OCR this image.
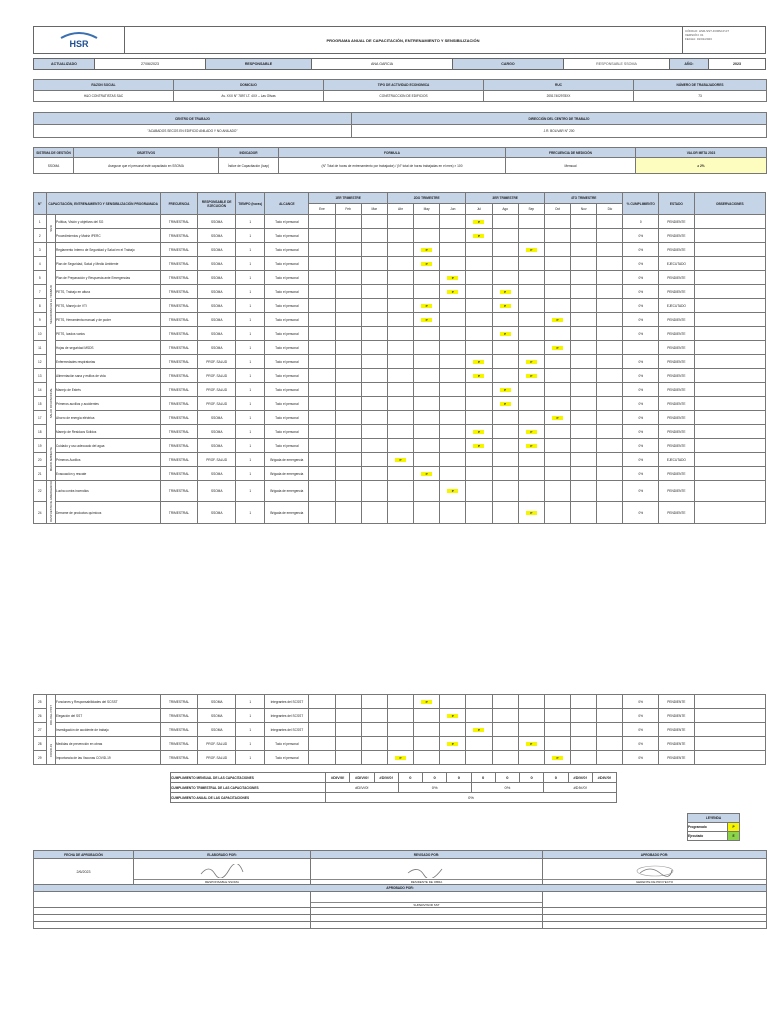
HSR	PROGRAMA ANUAL DE CAPACITACIÓN, ENTRENAMIENTO Y SENSIBILIZACIÓN
CÓDIGO: HSR-SST-FORM-P-07
VERSIÓN: 01
FECHA: 01/01/2023
ACTUALIZADO	27/06/2023	RESPONSABLE	ANA GARCIA	CARGO	RESPONSABLE SSOMA	AÑO:	2023
RAZON SOCIAL	DOMICILIO	TIPO DE ACTIVIDAD ECONOMICA	RUC	NÚMERO DE TRABAJADORES
H&O CONTRATISTAS SAC	Av. XXX N° 7897 LT. 4XX – Las Olivas	CONSTRUCCION DE EDIFICIOS	20517402978XX	73
CENTRO DE TRABAJO	DIRECCIÓN DEL CENTRO DE TRABAJO
"ACABADOS SECOS EN EDIFICIO ANILADO Y NO ANILADO"	J.R. BOLIVAR N° 200
SISTEMA DE GESTIÓN	OBJETIVOS	INDICADOR	FORMULA	FRECUENCIA DE MEDICIÓN	VALOR META 2023
SSOMA	Asegurar que el personal esté capacitado en SSOMA	Índice de Capacitación (Icap)	(N° Total de horas de entrenamiento por trabajador) / (N° total de horas trabajadas en el mes) × 100	Mensual	≥ 2%
N°	CAPACITACIÓN, ENTRENAMIENTO Y SENSIBILIZACIÓN PROGRAMADA		FRECUENCIA	RESPONSABLE DE EJECUCIÓN	TIEMPO (horas)	ALCANCE	1ER TRIMESTRE			2DO TRIMESTRE			3ER TRIMESTRE			4TO TRIMESTRE			% CUMPLIMIENTO	ESTADO	OBSERVACIONES
							Ene	Feb	Mar	Abr	May	Jun	Jul	Ago	Sep	Oct	Nov	Dic			
1	SGSI	Política, Visión y objetivos del SG	TRIMESTRAL	SSOMA	1	Todo el personal							P						0	PENDIENTE	
2		Procedimientos y Matriz IPERC	TRIMESTRAL	SSOMA	1	Todo el personal							P						0%	PENDIENTE	
3	SEGURIDAD EN EL TRABAJO	Reglamento Interno de Seguridad y Salud en el Trabajo	TRIMESTRAL	SSOMA	1	Todo el personal					P				P				0%	PENDIENTE	
4		Plan de Seguridad, Salud y Medio Ambiente	TRIMESTRAL	SSOMA	1	Todo el personal					P								0%	EJECUTADO	
5		Plan de Preparación y Respuesta ante Emergencias	TRIMESTRAL	SSOMA	1	Todo el personal						P							0%	PENDIENTE	
7		PETS, Trabajo en altura	TRIMESTRAL	SSOMA	1	Todo el personal						P		P					0%	PENDIENTE	
8		PETS, Manejo de VTI	TRIMESTRAL	SSOMA	1	Todo el personal					P			P					0%	EJECUTADO	
9		PETS, Herramienta manual y de poder	TRIMESTRAL	SSOMA	1	Todo el personal					P					P			0%	PENDIENTE	
10		PETS, Izados varios	TRIMESTRAL	SSOMA	1	Todo el personal								P					0%	PENDIENTE	
11		Hojas de seguridad MSDS	TRIMESTRAL	SSOMA	1	Todo el personal										P				PENDIENTE	
12		Enfermedades respiratorias	TRIMESTRAL	PROF. SALUD	1	Todo el personal							P		P				0%	PENDIENTE	
13	SALUD OCUPACIONAL	Alimentación sana y estilos de vida	TRIMESTRAL	PROF. SALUD	1	Todo el personal							P		P				0%	PENDIENTE	
14		Manejo de Estrés	TRIMESTRAL	PROF. SALUD	1	Todo el personal								P					0%	PENDIENTE	
15		Primeros auxilios y accidentes	TRIMESTRAL	PROF. SALUD	1	Todo el personal								P					0%	PENDIENTE	
17		Ahorro de energía eléctrica	TRIMESTRAL	SSOMA	1	Todo el personal										P			0%	PENDIENTE	
18		Manejo de Residuos Sólidos	TRIMESTRAL	SSOMA	1	Todo el personal							P		P				0%	PENDIENTE	
19	MEDIO AMBIENTE	Cuidado y uso adecuado del agua	TRIMESTRAL	SSOMA	1	Todo el personal							P		P				0%	PENDIENTE	
20		Primeros Auxilios	TRIMESTRAL	PROF. SALUD	1	Brigada de emergencia				P									0%	EJECUTADO	
21		Evacuación y rescate	TRIMESTRAL	SSOMA	1	Brigada de emergencia					P								0%	PENDIENTE	
22	RESPUESTA DE EMERGENCIA	Lucha contra incendios	TRIMESTRAL	SSOMA	1	Brigada de emergencia						P							0%	PENDIENTE	
24		Derrame de productos químicos	TRIMESTRAL	SSOMA	1	Brigada de emergencia									P				0%	PENDIENTE	
25	ROL DEL CSST	Funciones y Responsabilidades del SCSST	TRIMESTRAL	SSOMA	1	Integrantes del SCSST					P								0%	PENDIENTE	
26		Elegación del SST	TRIMESTRAL	SSOMA	1	Integrantes del SCSST						P							0%	PENDIENTE	
27		Investigación de accidente de trabajo	TRIMESTRAL	SSOMA	1	Integrantes del SCSST							P						0%	PENDIENTE	
28	COVID-19	Medidas de prevención en obras	TRIMESTRAL	PROF. SALUD	1	Todo el personal						P			P				0%	PENDIENTE	
29		Importancia de las Vacunas COVID-19	TRIMESTRAL	PROF. SALUD	1	Todo el personal				P						P			0%	PENDIENTE	
CUMPLIMIENTO MENSUAL DE LAS CAPACITACIONES	#DIV/0!	#DIV/0!	#DIV/0!	0	0	0	0	0	0	0	#DIV/0!	#DIV/0!
CUMPLIMIENTO TRIMESTRAL DE LAS CAPACITACIONES	#DIV/0!			0%			0%			#DIV/0!		
CUMPLIMIENTO ANUAL DE LAS CAPACITACIONES	0%											
LEYENDA	
Programado	P
Ejecutado	E
FECHA DE APROBACIÓN	ELABORADO POR:	REVISADO POR:	APROBADO POR:
2/6/2023	RESPONSABLE SSOMA	RESIDENTE DE OBRA	GERENTE DE PROYECTO

APROBADO POR:			

		SUPERVISOR SST	
